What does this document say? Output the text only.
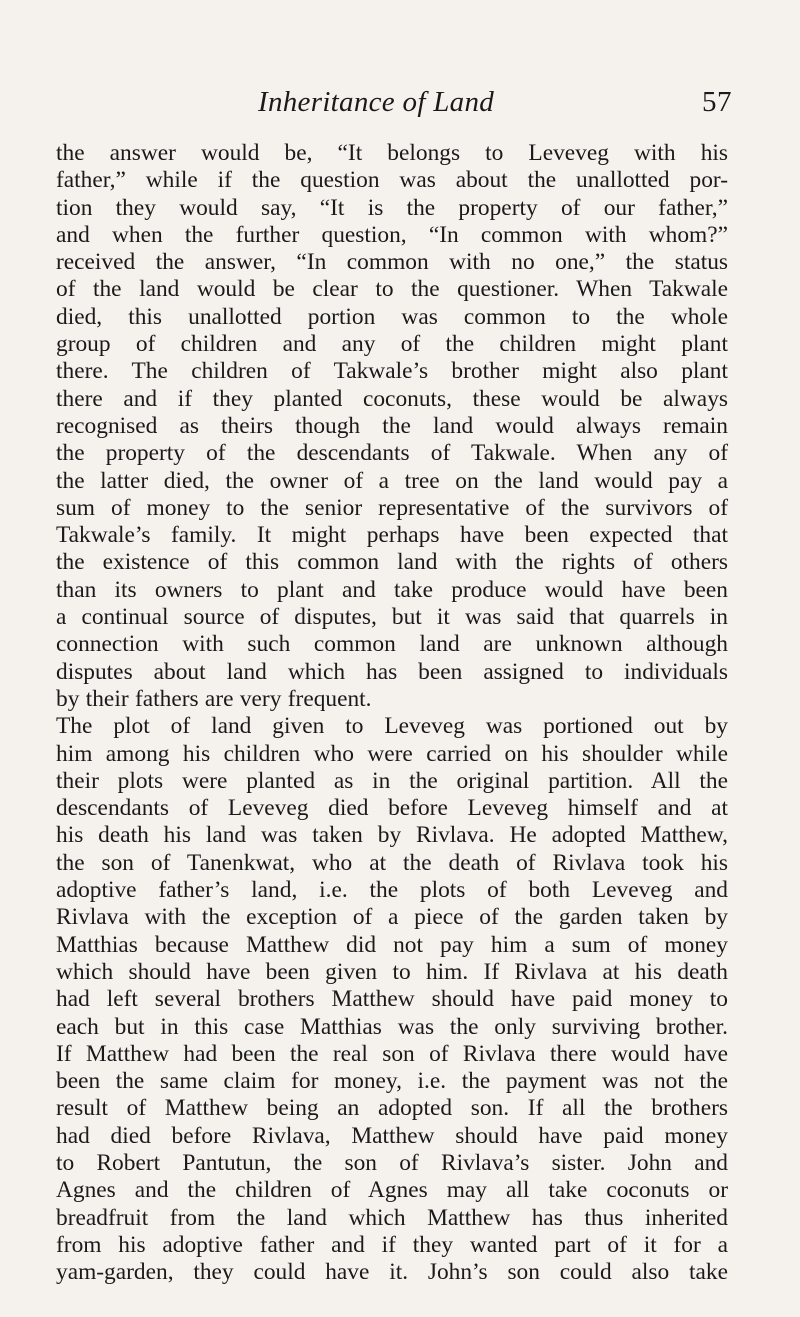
Inheritance of Land	57

the answer would be, “It belongs to Leveveg with his
father,” while if the question was about the unallotted por-
tion they would say, “It is the property of our father,”
and when the further question, “In common with whom?”
received the answer, “In common with no one,” the status
of the land would be clear to the questioner. When Takwale
died, this unallotted portion was common to the whole
group of children and any of the children might plant
there. The children of Takwale’s brother might also plant
there and if they planted coconuts, these would be always
recognised as theirs though the land would always remain
the property of the descendants of Takwale. When any of
the latter died, the owner of a tree on the land would pay a
sum of money to the senior representative of the survivors of
Takwale’s family. It might perhaps have been expected that
the existence of this common land with the rights of others
than its owners to plant and take produce would have been
a continual source of disputes, but it was said that quarrels in
connection with such common land are unknown although
disputes about land which has been assigned to individuals
by their fathers are very frequent.

The plot of land given to Leveveg was portioned out by
him among his children who were carried on his shoulder while
their plots were planted as in the original partition. All the
descendants of Leveveg died before Leveveg himself and at
his death his land was taken by Rivlava. He adopted Matthew,
the son of Tanenkwat, who at the death of Rivlava took his
adoptive father’s land, i.e. the plots of both Leveveg and
Rivlava with the exception of a piece of the garden taken by
Matthias because Matthew did not pay him a sum of money
which should have been given to him. If Rivlava at his death
had left several brothers Matthew should have paid money to
each but in this case Matthias was the only surviving brother.
If Matthew had been the real son of Rivlava there would have
been the same claim for money, i.e. the payment was not the
result of Matthew being an adopted son. If all the brothers
had died before Rivlava, Matthew should have paid money
to Robert Pantutun, the son of Rivlava’s sister. John and
Agnes and the children of Agnes may all take coconuts or
breadfruit from the land which Matthew has thus inherited
from his adoptive father and if they wanted part of it for a
yam-garden, they could have it. John’s son could also take
